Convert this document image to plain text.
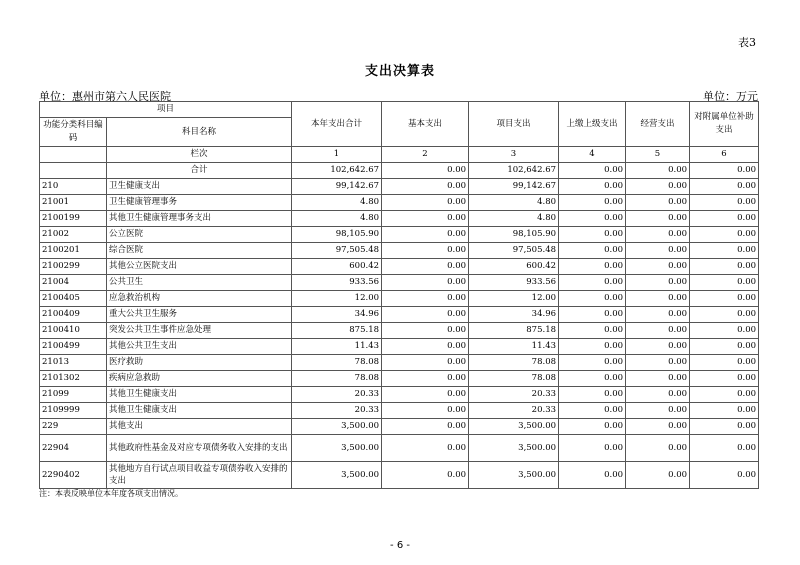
表3
支出决算表
单位：惠州市第六人民医院	单位：万元
项目		本年支出合计	基本支出	项目支出	上缴上级支出	经营支出	对附属单位补助支出
功能分类科目编码	科目名称						
	栏次	1	2	3	4	5	6
	合计	102,642.67	0.00	102,642.67	0.00	0.00	0.00
210	卫生健康支出	99,142.67	0.00	99,142.67	0.00	0.00	0.00
21001	卫生健康管理事务	4.80	0.00	4.80	0.00	0.00	0.00
2100199	其他卫生健康管理事务支出	4.80	0.00	4.80	0.00	0.00	0.00
21002	公立医院	98,105.90	0.00	98,105.90	0.00	0.00	0.00
2100201	综合医院	97,505.48	0.00	97,505.48	0.00	0.00	0.00
2100299	其他公立医院支出	600.42	0.00	600.42	0.00	0.00	0.00
21004	公共卫生	933.56	0.00	933.56	0.00	0.00	0.00
2100405	应急救治机构	12.00	0.00	12.00	0.00	0.00	0.00
2100409	重大公共卫生服务	34.96	0.00	34.96	0.00	0.00	0.00
2100410	突发公共卫生事件应急处理	875.18	0.00	875.18	0.00	0.00	0.00
2100499	其他公共卫生支出	11.43	0.00	11.43	0.00	0.00	0.00
21013	医疗救助	78.08	0.00	78.08	0.00	0.00	0.00
2101302	疾病应急救助	78.08	0.00	78.08	0.00	0.00	0.00
21099	其他卫生健康支出	20.33	0.00	20.33	0.00	0.00	0.00
2109999	其他卫生健康支出	20.33	0.00	20.33	0.00	0.00	0.00
229	其他支出	3,500.00	0.00	3,500.00	0.00	0.00	0.00
22904	其他政府性基金及对应专项债务收入安排的支出	3,500.00	0.00	3,500.00	0.00	0.00	0.00
2290402	其他地方自行试点项目收益专项债券收入安排的支出	3,500.00	0.00	3,500.00	0.00	0.00	0.00
注：本表反映单位本年度各项支出情况。
- 6 -
